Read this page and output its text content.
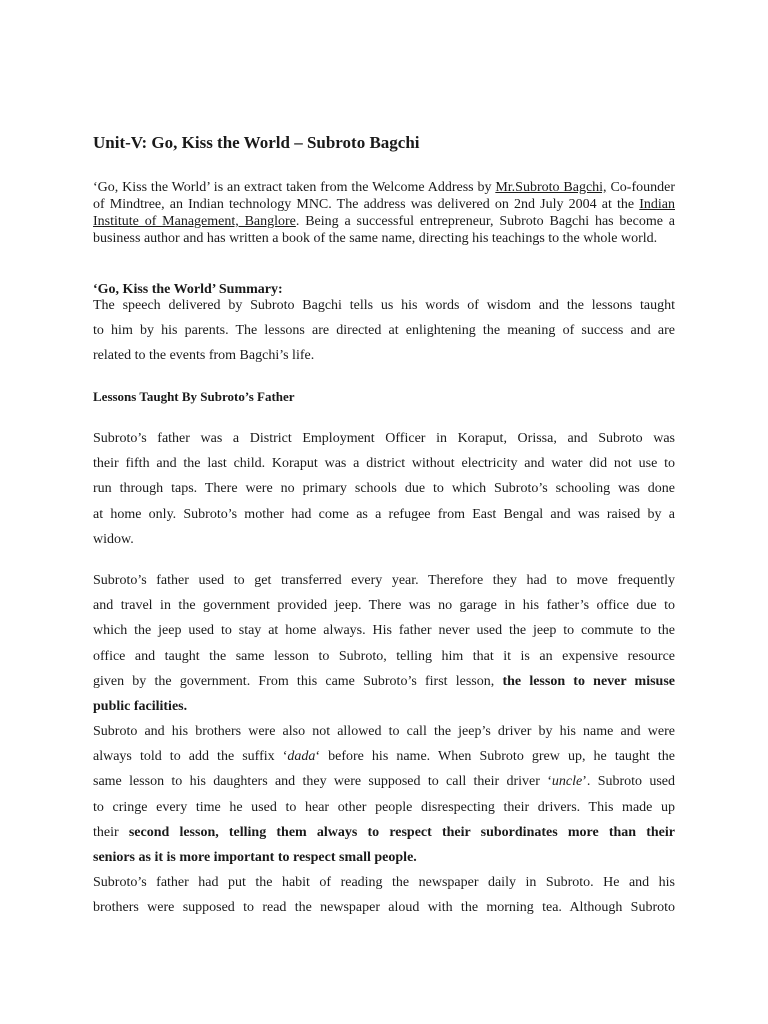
Unit-V: Go, Kiss the World – Subroto Bagchi

‘Go, Kiss the World’ is an extract taken from the Welcome Address by Mr.Subroto Bagchi, Co-founder of Mindtree, an Indian technology MNC. The address was delivered on 2nd July 2004 at the Indian Institute of Management, Banglore. Being a successful entrepreneur, Subroto Bagchi has become a business author and has written a book of the same name, directing his teachings to the whole world.

‘Go, Kiss the World’ Summary:

The speech delivered by Subroto Bagchi tells us his words of wisdom and the lessons taught
to him by his parents. The lessons are directed at enlightening the meaning of success and are
related to the events from Bagchi’s life.

Lessons Taught By Subroto’s Father

Subroto’s father was a District Employment Officer in Koraput, Orissa, and Subroto was
their fifth and the last child. Koraput was a district without electricity and water did not use to
run through taps. There were no primary schools due to which Subroto’s schooling was done
at home only. Subroto’s mother had come as a refugee from East Bengal and was raised by a
widow.

Subroto’s father used to get transferred every year. Therefore they had to move frequently
and travel in the government provided jeep. There was no garage in his father’s office due to
which the jeep used to stay at home always. His father never used the jeep to commute to the
office and taught the same lesson to Subroto, telling him that it is an expensive resource
given by the government. From this came Subroto’s first lesson, the lesson to never misuse
public facilities.

Subroto and his brothers were also not allowed to call the jeep’s driver by his name and were
always told to add the suffix ‘dada‘ before his name. When Subroto grew up, he taught the
same lesson to his daughters and they were supposed to call their driver ‘uncle’. Subroto used
to cringe every time he used to hear other people disrespecting their drivers. This made up
their second lesson, telling them always to respect their subordinates more than their
seniors as it is more important to respect small people.

Subroto’s father had put the habit of reading the newspaper daily in Subroto. He and his
brothers were supposed to read the newspaper aloud with the morning tea. Although Subroto
